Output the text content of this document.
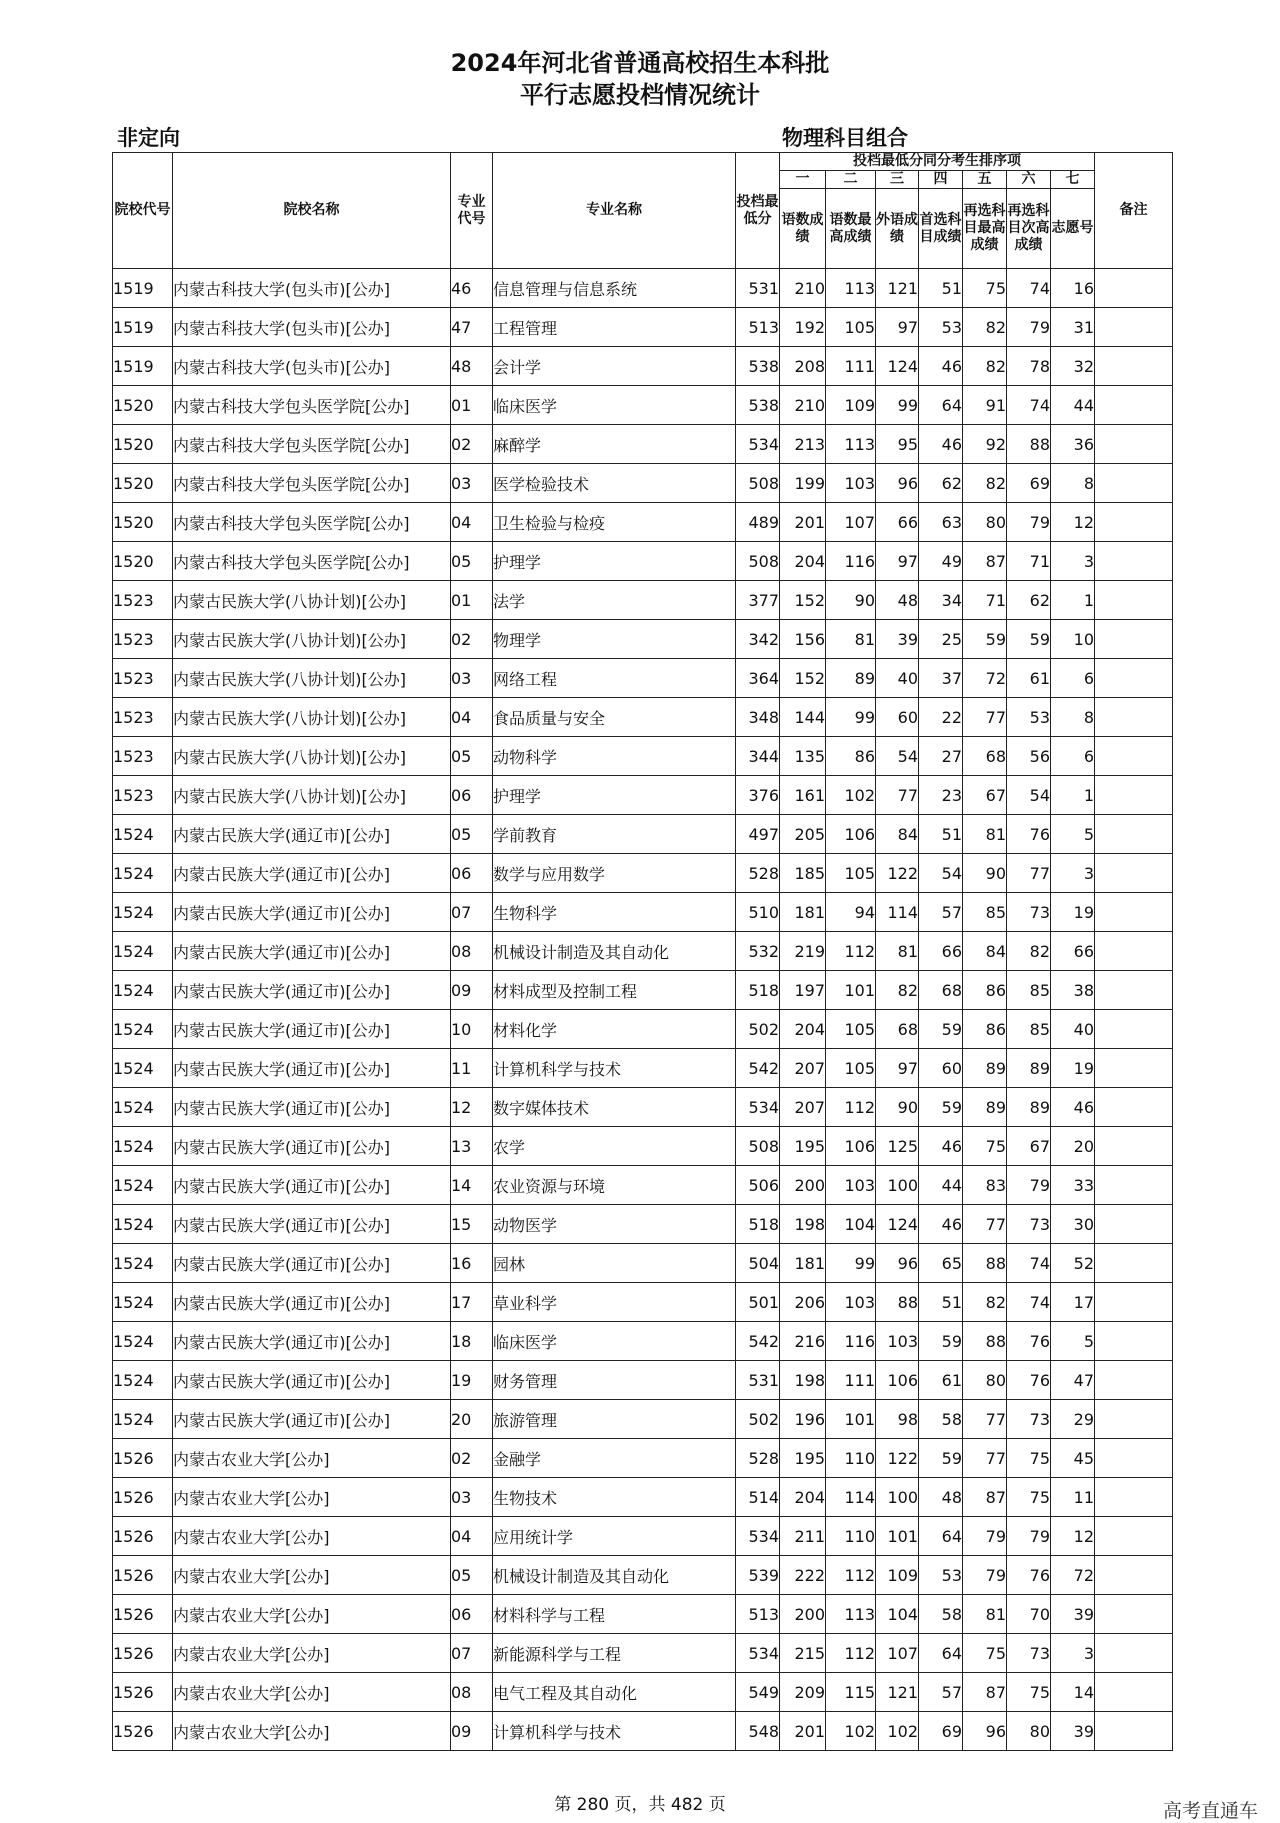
2024年河北省普通高校招生本科批
平行志愿投档情况统计
非定向	物理科目组合
院校代号	院校名称	专业代号	专业名称	投档最低分	投档最低分同分考生排序项							备注
					一	二	三	四	五	六	七	
					语数成绩	语数最高成绩	外语成绩	首选科目成绩	再选科目最高成绩	再选科目次高成绩	志愿号	
1519	内蒙古科技大学(包头市)[公办]	46	信息管理与信息系统	531	210	113	121	51	75	74	16	
1519	内蒙古科技大学(包头市)[公办]	47	工程管理	513	192	105	97	53	82	79	31	
1519	内蒙古科技大学(包头市)[公办]	48	会计学	538	208	111	124	46	82	78	32	
1520	内蒙古科技大学包头医学院[公办]	01	临床医学	538	210	109	99	64	91	74	44	
1520	内蒙古科技大学包头医学院[公办]	02	麻醉学	534	213	113	95	46	92	88	36	
1520	内蒙古科技大学包头医学院[公办]	03	医学检验技术	508	199	103	96	62	82	69	8	
1520	内蒙古科技大学包头医学院[公办]	04	卫生检验与检疫	489	201	107	66	63	80	79	12	
1520	内蒙古科技大学包头医学院[公办]	05	护理学	508	204	116	97	49	87	71	3	
1523	内蒙古民族大学(八协计划)[公办]	01	法学	377	152	90	48	34	71	62	1	
1523	内蒙古民族大学(八协计划)[公办]	02	物理学	342	156	81	39	25	59	59	10	
1523	内蒙古民族大学(八协计划)[公办]	03	网络工程	364	152	89	40	37	72	61	6	
1523	内蒙古民族大学(八协计划)[公办]	04	食品质量与安全	348	144	99	60	22	77	53	8	
1523	内蒙古民族大学(八协计划)[公办]	05	动物科学	344	135	86	54	27	68	56	6	
1523	内蒙古民族大学(八协计划)[公办]	06	护理学	376	161	102	77	23	67	54	1	
1524	内蒙古民族大学(通辽市)[公办]	05	学前教育	497	205	106	84	51	81	76	5	
1524	内蒙古民族大学(通辽市)[公办]	06	数学与应用数学	528	185	105	122	54	90	77	3	
1524	内蒙古民族大学(通辽市)[公办]	07	生物科学	510	181	94	114	57	85	73	19	
1524	内蒙古民族大学(通辽市)[公办]	08	机械设计制造及其自动化	532	219	112	81	66	84	82	66	
1524	内蒙古民族大学(通辽市)[公办]	09	材料成型及控制工程	518	197	101	82	68	86	85	38	
1524	内蒙古民族大学(通辽市)[公办]	10	材料化学	502	204	105	68	59	86	85	40	
1524	内蒙古民族大学(通辽市)[公办]	11	计算机科学与技术	542	207	105	97	60	89	89	19	
1524	内蒙古民族大学(通辽市)[公办]	12	数字媒体技术	534	207	112	90	59	89	89	46	
1524	内蒙古民族大学(通辽市)[公办]	13	农学	508	195	106	125	46	75	67	20	
1524	内蒙古民族大学(通辽市)[公办]	14	农业资源与环境	506	200	103	100	44	83	79	33	
1524	内蒙古民族大学(通辽市)[公办]	15	动物医学	518	198	104	124	46	77	73	30	
1524	内蒙古民族大学(通辽市)[公办]	16	园林	504	181	99	96	65	88	74	52	
1524	内蒙古民族大学(通辽市)[公办]	17	草业科学	501	206	103	88	51	82	74	17	
1524	内蒙古民族大学(通辽市)[公办]	18	临床医学	542	216	116	103	59	88	76	5	
1524	内蒙古民族大学(通辽市)[公办]	19	财务管理	531	198	111	106	61	80	76	47	
1524	内蒙古民族大学(通辽市)[公办]	20	旅游管理	502	196	101	98	58	77	73	29	
1526	内蒙古农业大学[公办]	02	金融学	528	195	110	122	59	77	75	45	
1526	内蒙古农业大学[公办]	03	生物技术	514	204	114	100	48	87	75	11	
1526	内蒙古农业大学[公办]	04	应用统计学	534	211	110	101	64	79	79	12	
1526	内蒙古农业大学[公办]	05	机械设计制造及其自动化	539	222	112	109	53	79	76	72	
1526	内蒙古农业大学[公办]	06	材料科学与工程	513	200	113	104	58	81	70	39	
1526	内蒙古农业大学[公办]	07	新能源科学与工程	534	215	112	107	64	75	73	3	
1526	内蒙古农业大学[公办]	08	电气工程及其自动化	549	209	115	121	57	87	75	14	
1526	内蒙古农业大学[公办]	09	计算机科学与技术	548	201	102	102	69	96	80	39	
第 280 页，共 482 页	高考直通车
